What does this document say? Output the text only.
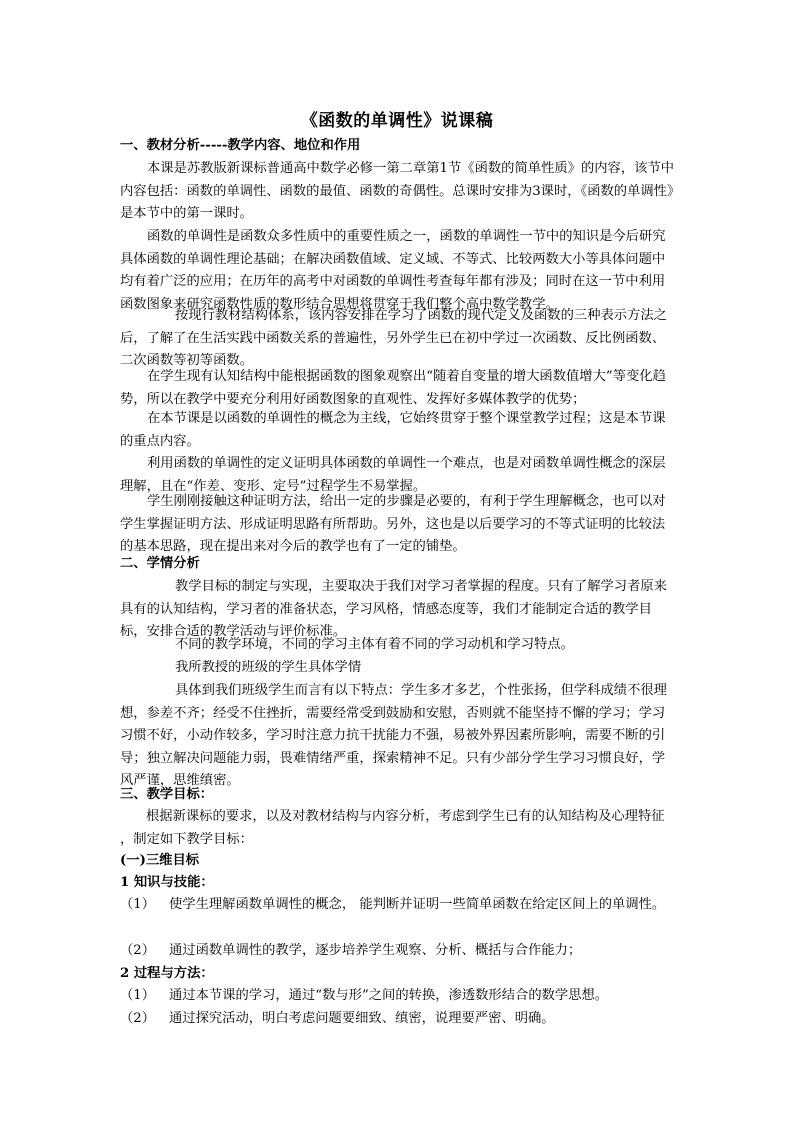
《函数的单调性》说课稿
一、教材分析-----教学内容、地位和作用
本课是苏教版新课标普通高中数学必修一第二章第1节《函数的简单性质》的内容，该节中内容包括：函数的单调性、函数的最值、函数的奇偶性。总课时安排为3课时，《函数的单调性》是本节中的第一课时。
函数的单调性是函数众多性质中的重要性质之一，函数的单调性一节中的知识是今后研究具体函数的单调性理论基础；在解决函数值域、定义域、不等式、比较两数大小等具体问题中均有着广泛的应用；在历年的高考中对函数的单调性考查每年都有涉及；同时在这一节中利用函数图象来研究函数性质的数形结合思想将贯穿于我们整个高中数学教学。
按现行教材结构体系，该内容安排在学习了函数的现代定义及函数的三种表示方法之后，了解了在生活实践中函数关系的普遍性，另外学生已在初中学过一次函数、反比例函数、二次函数等初等函数。
在学生现有认知结构中能根据函数的图象观察出“随着自变量的增大函数值增大”等变化趋势，所以在教学中要充分利用好函数图象的直观性、发挥好多媒体教学的优势；
在本节课是以函数的单调性的概念为主线，它始终贯穿于整个课堂教学过程；这是本节课的重点内容。
利用函数的单调性的定义证明具体函数的单调性一个难点，也是对函数单调性概念的深层理解，且在“作差、变形、定号”过程学生不易掌握。
学生刚刚接触这种证明方法，给出一定的步骤是必要的，有利于学生理解概念，也可以对学生掌握证明方法、形成证明思路有所帮助。另外，这也是以后要学习的不等式证明的比较法的基本思路，现在提出来对今后的教学也有了一定的铺垫。
二、学情分析
教学目标的制定与实现，主要取决于我们对学习者掌握的程度。只有了解学习者原来具有的认知结构，学习者的准备状态，学习风格，情感态度等，我们才能制定合适的教学目标，安排合适的教学活动与评价标准。
不同的教学环境，不同的学习主体有着不同的学习动机和学习特点。
我所教授的班级的学生具体学情
具体到我们班级学生而言有以下特点：学生多才多艺，个性张扬，但学科成绩不很理想，参差不齐；经受不住挫折，需要经常受到鼓励和安慰，否则就不能坚持不懈的学习；学习习惯不好，小动作较多，学习时注意力抗干扰能力不强，易被外界因素所影响，需要不断的引导；独立解决问题能力弱，畏难情绪严重，探索精神不足。只有少部分学生学习习惯良好，学风严谨，思维缜密。
三、教学目标：
根据新课标的要求，以及对教材结构与内容分析，考虑到学生已有的认知结构及心理特征 ，制定如下教学目标：
(一)三维目标
1 知识与技能：
（1） 使学生理解函数单调性的概念， 能判断并证明一些简单函数在给定区间上的单调性。
（2） 通过函数单调性的教学，逐步培养学生观察、分析、概括与合作能力；
2 过程与方法：
（1） 通过本节课的学习，通过“数与形”之间的转换，渗透数形结合的数学思想。
（2） 通过探究活动，明白考虑问题要细致、缜密，说理要严密、明确。
